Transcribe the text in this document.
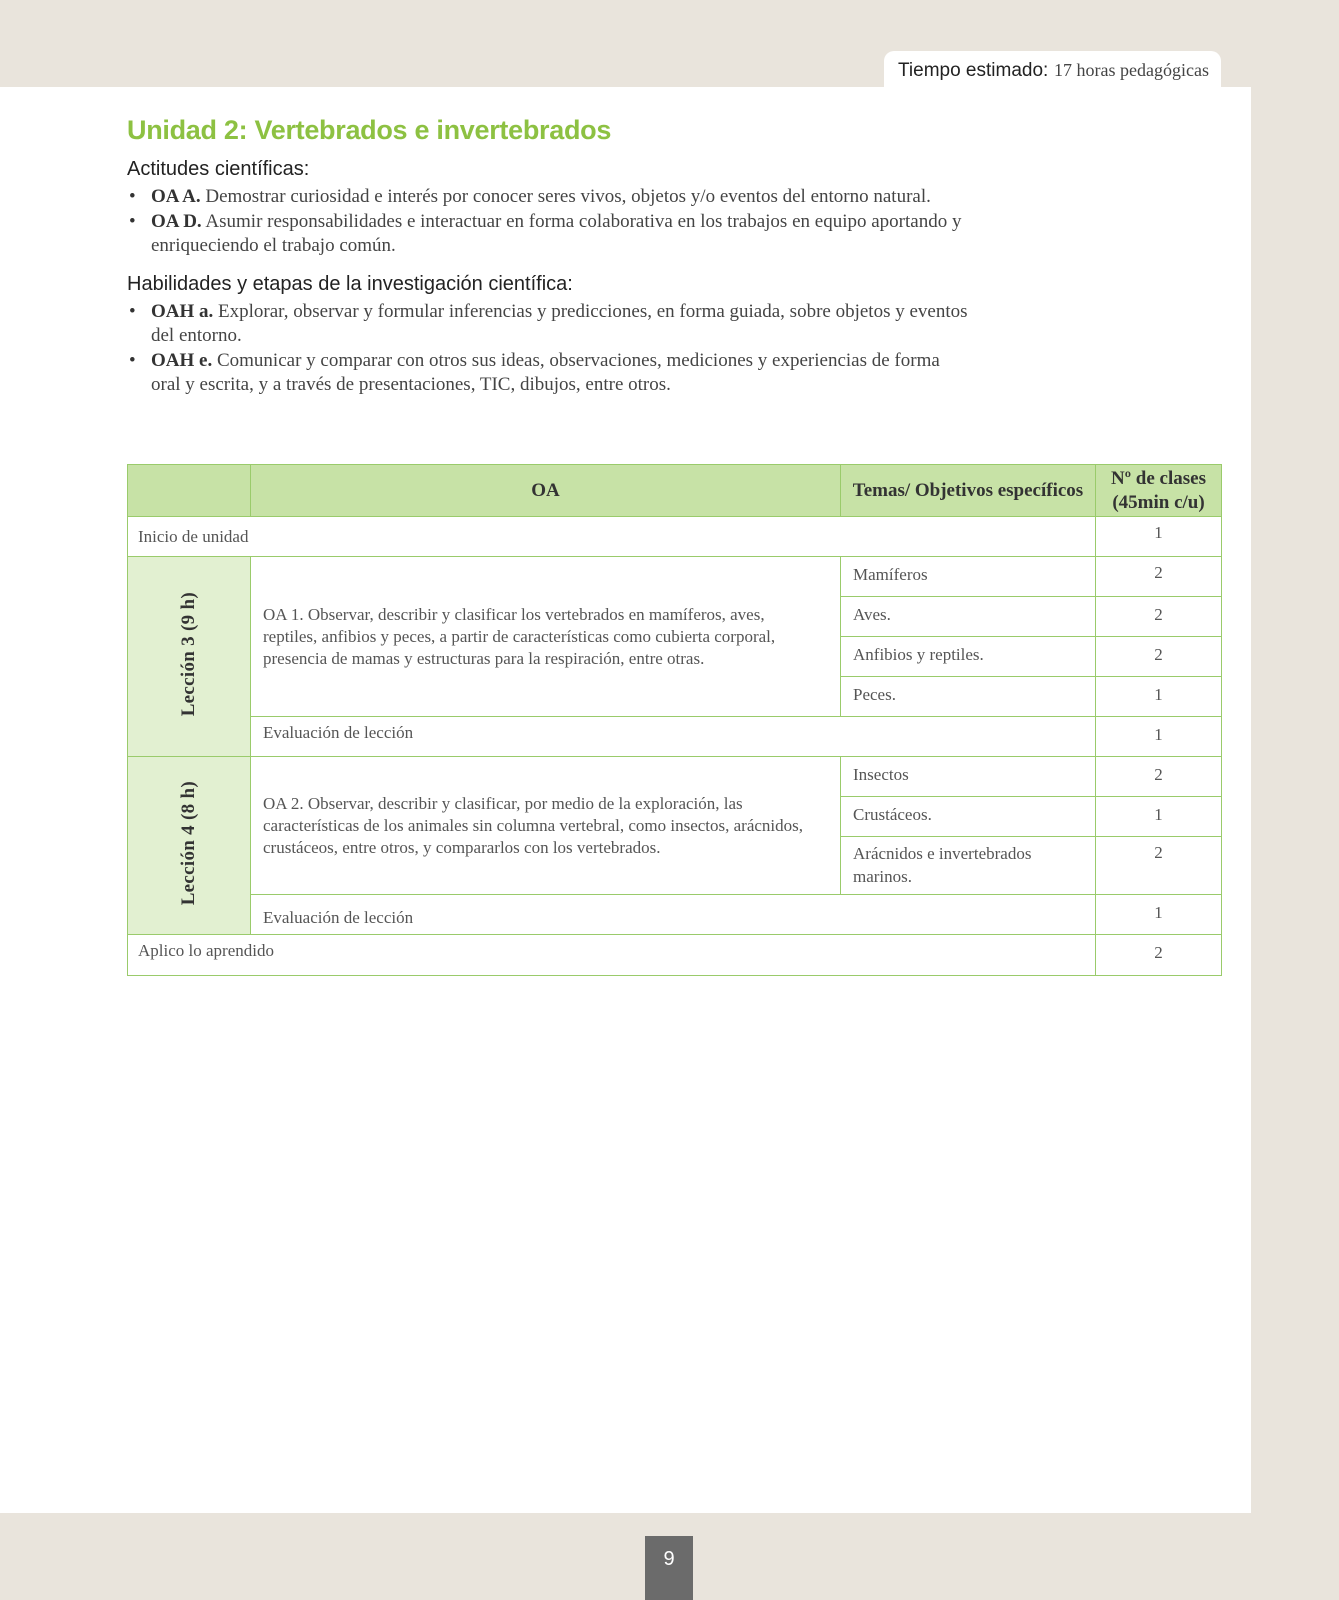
Tiempo estimado: 17 horas pedagógicas
Unidad 2: Vertebrados e invertebrados
Actitudes científicas:
• OA A. Demostrar curiosidad e interés por conocer seres vivos, objetos y/o eventos del entorno natural.
• OA D. Asumir responsabilidades e interactuar en forma colaborativa en los trabajos en equipo aportando y enriqueciendo el trabajo común.
Habilidades y etapas de la investigación científica:
• OAH a. Explorar, observar y formular inferencias y predicciones, en forma guiada, sobre objetos y eventos del entorno.
• OAH e. Comunicar y comparar con otros sus ideas, observaciones, mediciones y experiencias de forma oral y escrita, y a través de presentaciones, TIC, dibujos, entre otros.
	OA	Temas/ Objetivos específicos	Nº de clases (45min c/u)
Inicio de unidad			1
Lección 3 (9 h)	OA 1. Observar, describir y clasificar los vertebrados en mamíferos, aves, reptiles, anfibios y peces, a partir de características como cubierta corporal, presencia de mamas y estructuras para la respiración, entre otras.	Mamíferos	2
		Aves.	2
		Anfibios y reptiles.	2
		Peces.	1
	Evaluación de lección		1
Lección 4 (8 h)	OA 2. Observar, describir y clasificar, por medio de la exploración, las características de los animales sin columna vertebral, como insectos, arácnidos, crustáceos, entre otros, y compararlos con los vertebrados.	Insectos	2
		Crustáceos.	1
		Arácnidos e invertebrados marinos.	2
	Evaluación de lección		1
Aplico lo aprendido			2
9
